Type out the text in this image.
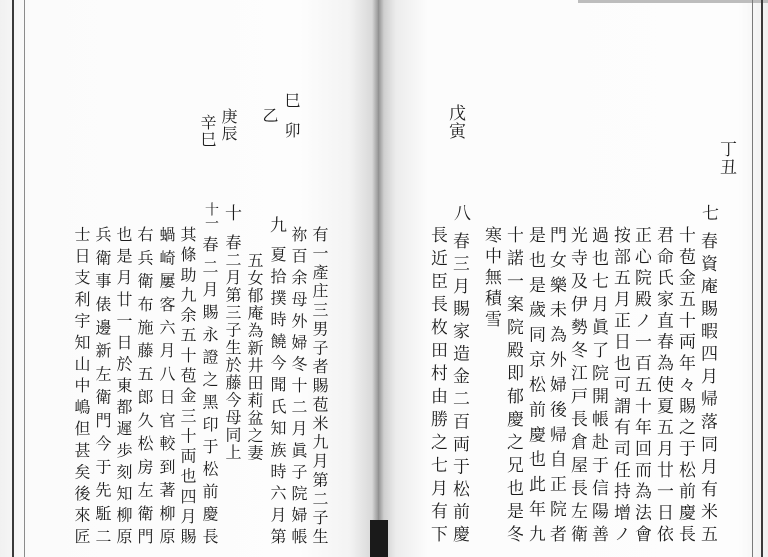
巳
乙
卯
庚辰
辛巳
有一產庄三男子者賜苞米九月第二子生
祢百余母外婦冬十二月眞子院婦帳
九
夏拾撲時饒今聞氏知族時六月第
五女郁庵為新井田莉盆之妻
十
春二月第三子生於藤今母同上
十一
春二月賜永證之黑印于松前慶長
其條助九余五十苞金三十両也四月賜
蝸崎屢客六月八日官較到著柳原
右兵衛布施藤五郎久松房左衛門
也是月廿一日於東都遲歩刻知柳原
兵衛事俵邊新左衛門今于先駈二
士日支利宇知山中嶋但甚矣後來匠
丁丑
七
春資庵賜暇四月帰落同月有米五
十苞金五十両年々賜之于松前慶長
君命氏家直春為使夏五月廿一日依
正心院殿ノ一百五十年回而為法會
按部五月正日也可謂有司任持增ノ
過也七月眞了院開帳赴于信陽善
光寺及伊勢冬江戸長倉屋長左衛
門女樂未為外婦後帰自正院者
是也是歲同京松前慶也此年九
十諾一案院殿即郁慶之兄也是冬
寒中無積雪
戊寅
八
春三月賜家造金二百両于松前慶
長近臣長枚田村由勝之七月有下
